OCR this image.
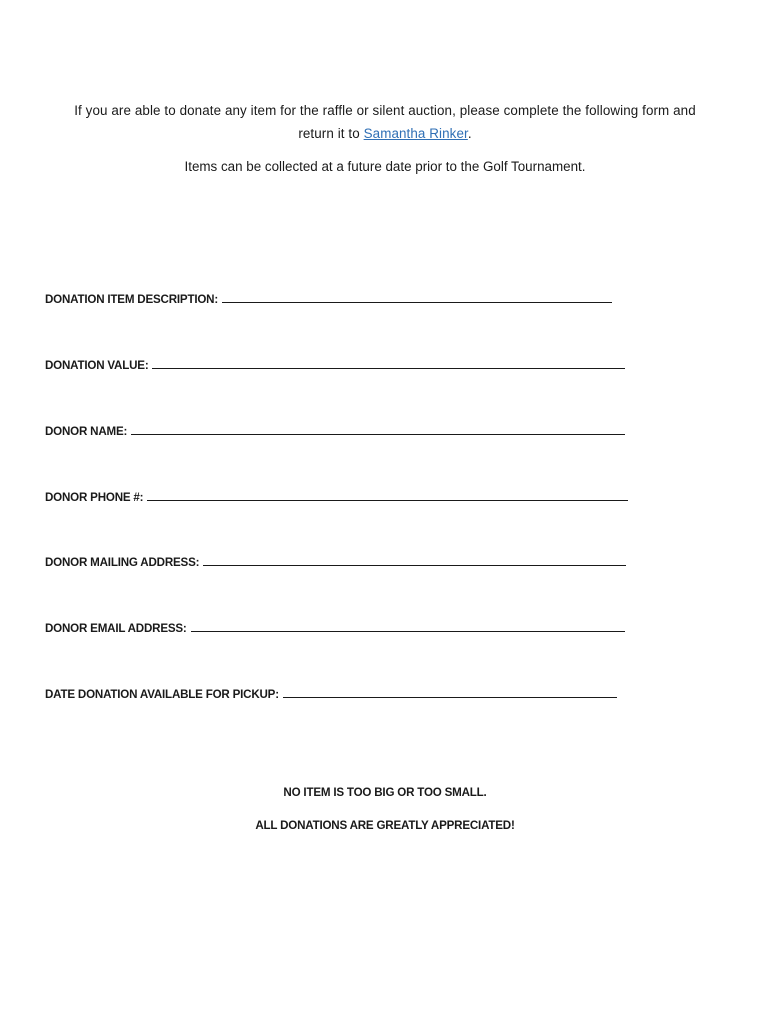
If you are able to donate any item for the raffle or silent auction, please complete the following form and
return it to Samantha Rinker.
Items can be collected at a future date prior to the Golf Tournament.
DONATION ITEM DESCRIPTION:
DONATION VALUE:
DONOR NAME:
DONOR PHONE #:
DONOR MAILING ADDRESS:
DONOR EMAIL ADDRESS:
DATE DONATION AVAILABLE FOR PICKUP:
NO ITEM IS TOO BIG OR TOO SMALL.
ALL DONATIONS ARE GREATLY APPRECIATED!
